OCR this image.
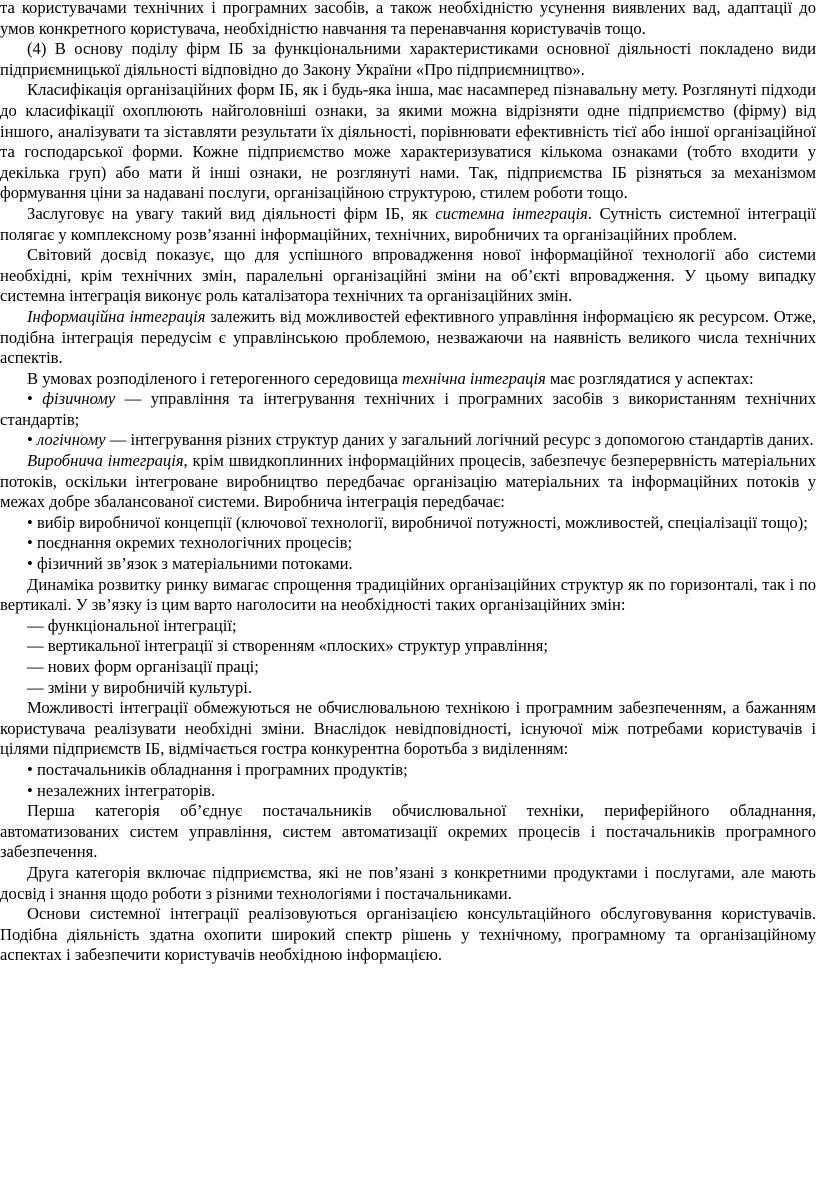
та користувачами технічних і програмних засобів, а також необхідністю усунення виявлених вад, адаптації до умов конкретного користувача, необхідністю навчання та перенавчання користувачів тощо.

(4) В основу поділу фірм ІБ за функціональними характеристиками основної діяльності покладено види підприємницької діяльності відповідно до Закону України «Про підприємництво».

Класифікація організаційних форм ІБ, як і будь-яка інша, має насамперед пізнавальну мету. Розглянуті підходи до класифікації охоплюють найголовніші ознаки, за якими можна відрізняти одне підприємство (фірму) від іншого, аналізувати та зіставляти результати їх діяльності, порівнювати ефективність тієї або іншої організаційної та господарської форми. Кожне підприємство може характеризуватися кількома ознаками (тобто входити у декілька груп) або мати й інші ознаки, не розглянуті нами. Так, підприємства ІБ різняться за механізмом формування ціни за надавані послуги, організаційною структурою, стилем роботи тощо.

Заслуговує на увагу такий вид діяльності фірм ІБ, як системна інтеграція. Сутність системної інтеграції полягає у комплексному розв’язанні інформаційних, технічних, виробничих та організаційних проблем.

Світовий досвід показує, що для успішного впровадження нової інформаційної технології або системи необхідні, крім технічних змін, паралельні організаційні зміни на об’єкті впровадження. У цьому випадку системна інтеграція виконує роль каталізатора технічних та організаційних змін.

Інформаційна інтеграція залежить від можливостей ефективного управління інформацією як ресурсом. Отже, подібна інтеграція передусім є управлінською проблемою, незважаючи на наявність великого числа технічних аспектів.

В умовах розподіленого і гетерогенного середовища технічна інтеграція має розглядатися у аспектах:

• фізичному — управління та інтегрування технічних і програмних засобів з використанням технічних стандартів;

• логічному — інтегрування різних структур даних у загальний логічний ресурс з допомогою стандартів даних.

Виробнича інтеграція, крім швидкоплинних інформаційних процесів, забезпечує безперервність матеріальних потоків, оскільки інтегроване виробництво передбачає організацію матеріальних та інформаційних потоків у межах добре збалансованої системи. Виробнича інтеграція передбачає:

• вибір виробничої концепції (ключової технології, виробничої потужності, можливостей, спеціалізації тощо);

• поєднання окремих технологічних процесів;

• фізичний зв’язок з матеріальними потоками.

Динаміка розвитку ринку вимагає спрощення традиційних організаційних структур як по горизонталі, так і по вертикалі. У зв’язку із цим варто наголосити на необхідності таких організаційних змін:

— функціональної інтеграції;

— вертикальної інтеграції зі створенням «плоских» структур управління;

— нових форм організації праці;

— зміни у виробничій культурі.

Можливості інтеграції обмежуються не обчислювальною технікою і програмним забезпеченням, а бажанням користувача реалізувати необхідні зміни. Внаслідок невідповідності, існуючої між потребами користувачів і цілями підприємств ІБ, відмічається гостра конкурентна боротьба з виділенням:

• постачальників обладнання і програмних продуктів;

• незалежних інтеграторів.

Перша категорія об’єднує постачальників обчислювальної техніки, периферійного обладнання, автоматизованих систем управління, систем автоматизації окремих процесів і постачальників програмного забезпечення.

Друга категорія включає підприємства, які не пов’язані з конкретними продуктами і послугами, але мають досвід і знання щодо роботи з різними технологіями і постачальниками.

Основи системної інтеграції реалізовуються організацією консультаційного обслуговування користувачів. Подібна діяльність здатна охопити широкий спектр рішень у технічному, програмному та організаційному аспектах і забезпечити користувачів необхідною інформацією.
